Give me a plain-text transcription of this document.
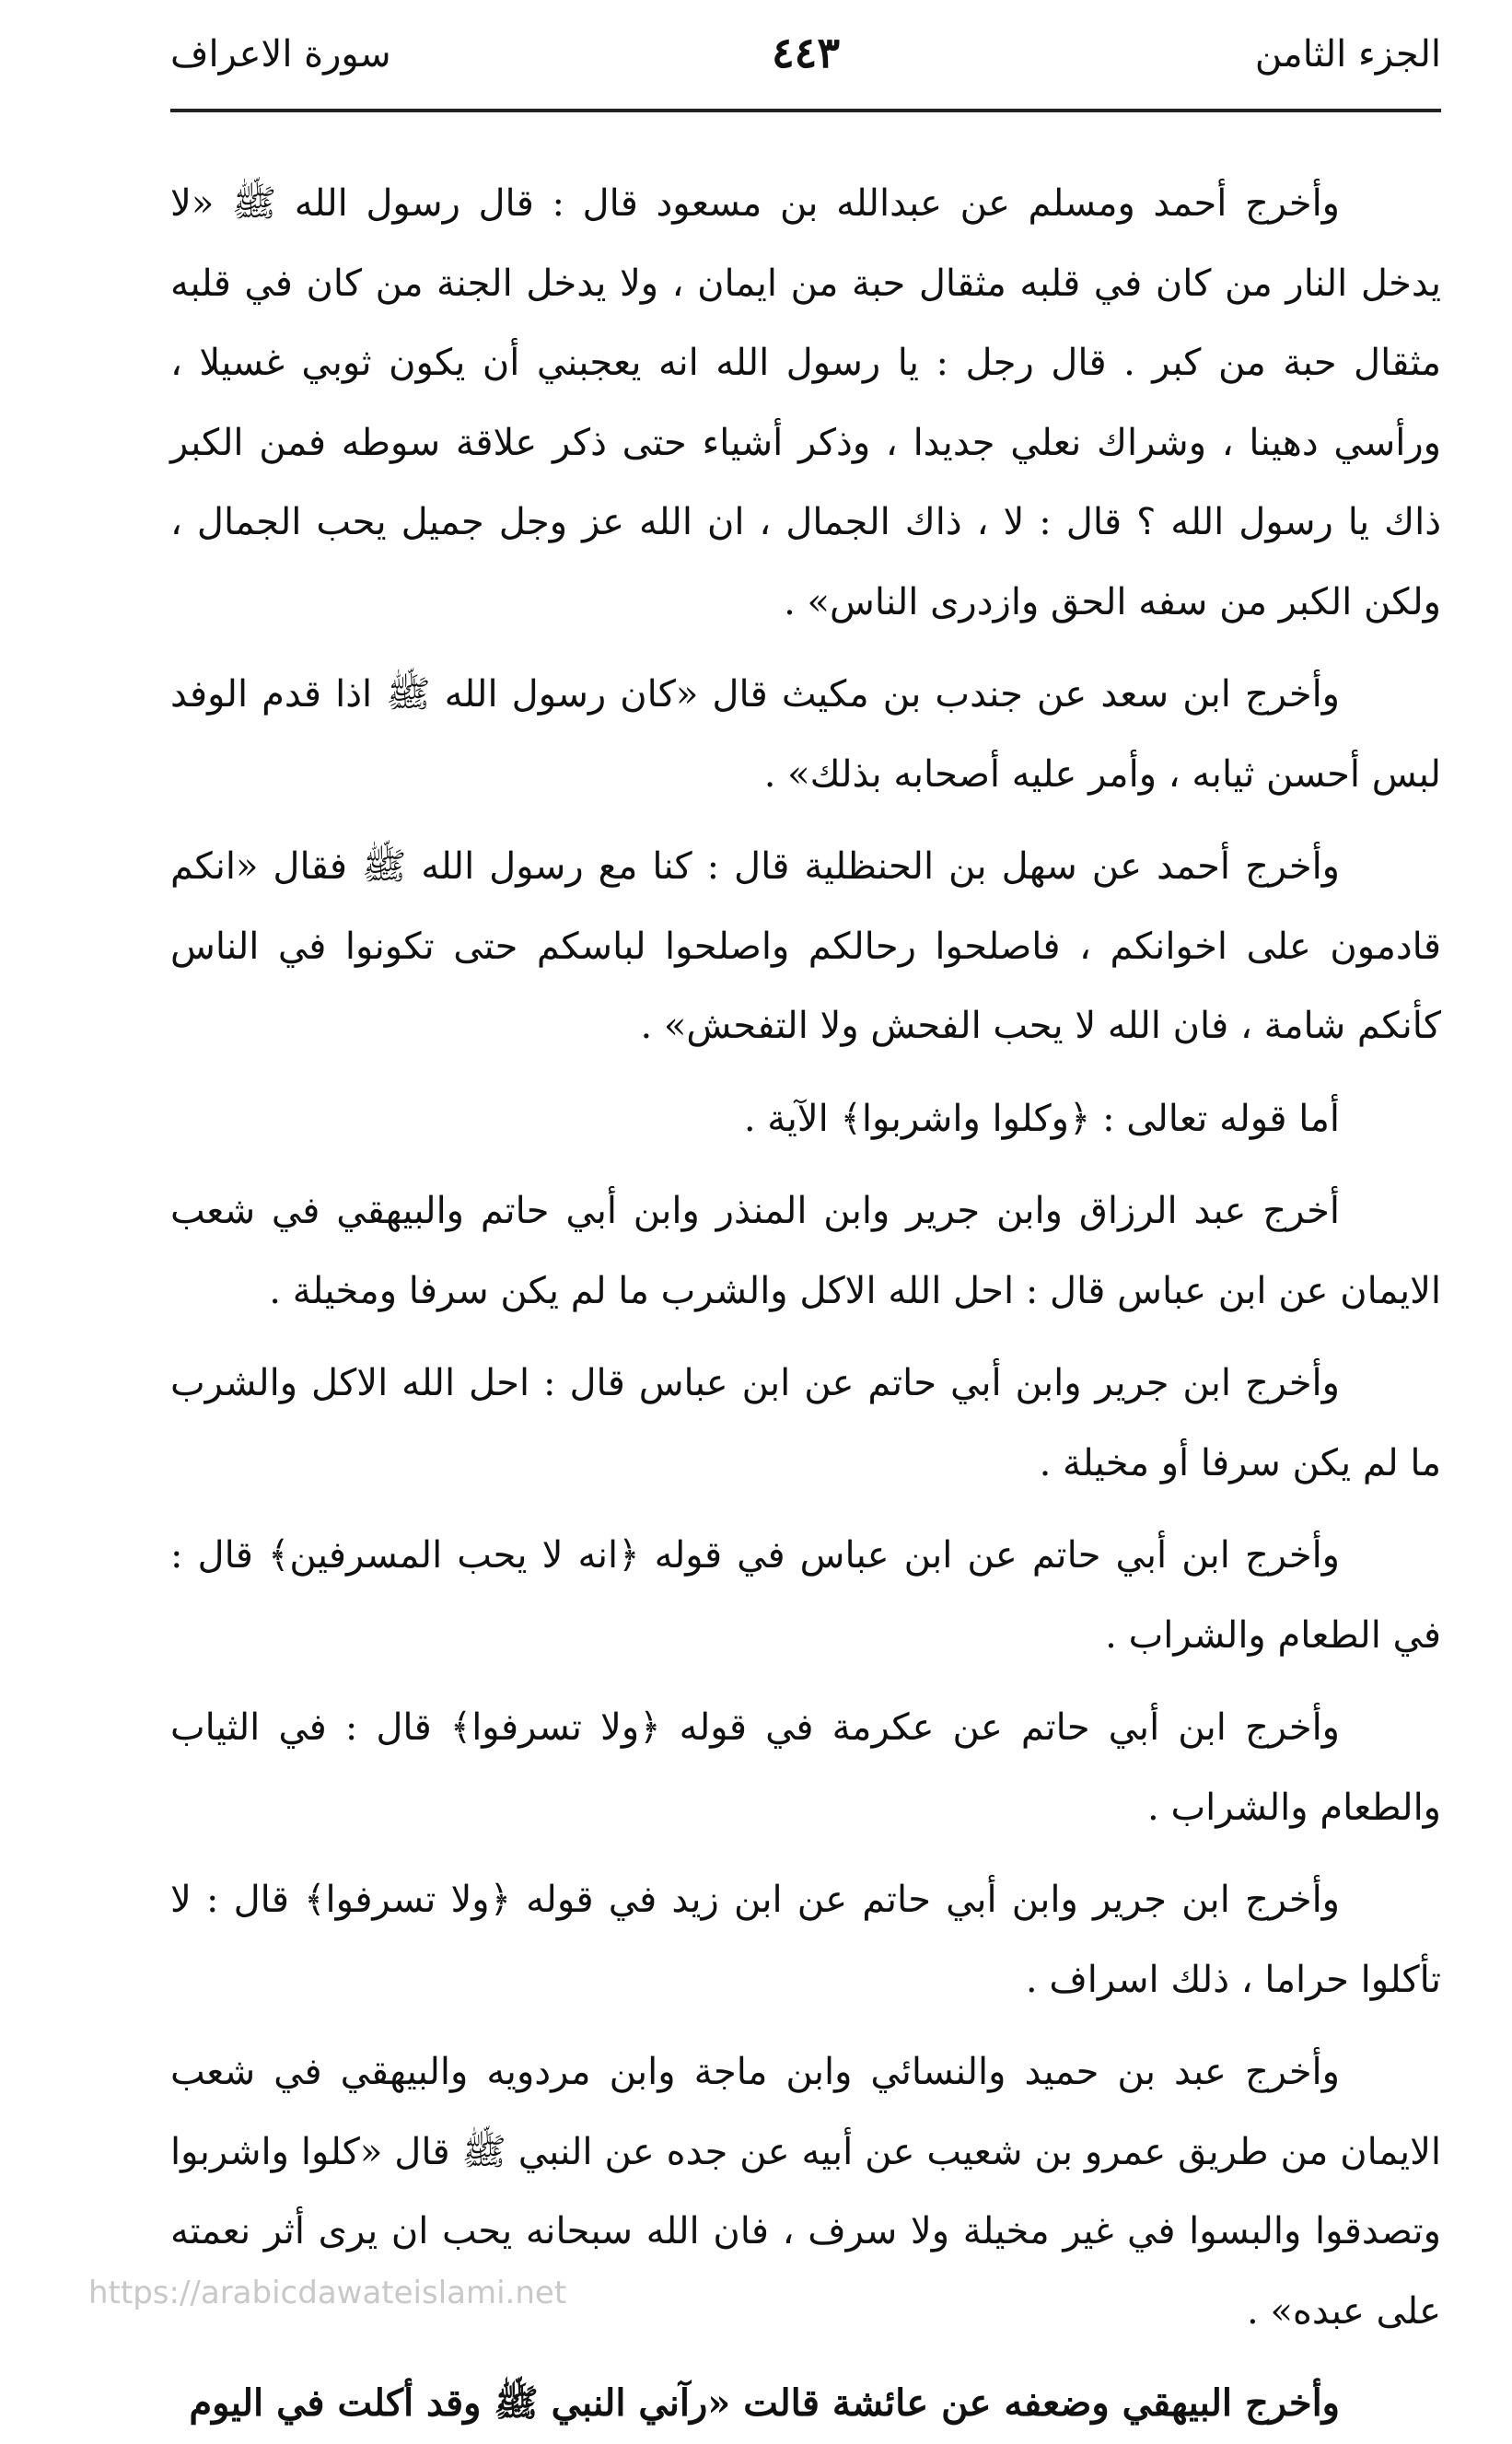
الجزء الثامن
٤٤٣
سورة الاعراف

وأخرج أحمد ومسلم عن عبدالله بن مسعود قال : قال رسول الله ﷺ «لا يدخل النار من كان في قلبه مثقال حبة من ايمان ، ولا يدخل الجنة من كان في قلبه مثقال حبة من كبر . قال رجل : يا رسول الله انه يعجبني أن يكون ثوبي غسيلا ، ورأسي دهينا ، وشراك نعلي جديدا ، وذكر أشياء حتى ذكر علاقة سوطه فمن الكبر ذاك يا رسول الله ؟ قال : لا ، ذاك الجمال ، ان الله عز وجل جميل يحب الجمال ، ولكن الكبر من سفه الحق وازدرى الناس» .

وأخرج ابن سعد عن جندب بن مكيث قال «كان رسول الله ﷺ اذا قدم الوفد لبس أحسن ثيابه ، وأمر عليه أصحابه بذلك» .

وأخرج أحمد عن سهل بن الحنظلية قال : كنا مع رسول الله ﷺ فقال «انكم قادمون على اخوانكم ، فاصلحوا رحالكم واصلحوا لباسكم حتى تكونوا في الناس كأنكم شامة ، فان الله لا يحب الفحش ولا التفحش» .

أما قوله تعالى : ﴿وكلوا واشربوا﴾ الآية .

أخرج عبد الرزاق وابن جرير وابن المنذر وابن أبي حاتم والبيهقي في شعب الايمان عن ابن عباس قال : احل الله الاكل والشرب ما لم يكن سرفا ومخيلة .

وأخرج ابن جرير وابن أبي حاتم عن ابن عباس قال : احل الله الاكل والشرب ما لم يكن سرفا أو مخيلة .

وأخرج ابن أبي حاتم عن ابن عباس في قوله ﴿انه لا يحب المسرفين﴾ قال : في الطعام والشراب .

وأخرج ابن أبي حاتم عن عكرمة في قوله ﴿ولا تسرفوا﴾ قال : في الثياب والطعام والشراب .

وأخرج ابن جرير وابن أبي حاتم عن ابن زيد في قوله ﴿ولا تسرفوا﴾ قال : لا تأكلوا حراما ، ذلك اسراف .

وأخرج عبد بن حميد والنسائي وابن ماجة وابن مردويه والبيهقي في شعب الايمان من طريق عمرو بن شعيب عن أبيه عن جده عن النبي ﷺ قال «كلوا واشربوا وتصدقوا والبسوا في غير مخيلة ولا سرف ، فان الله سبحانه يحب ان يرى أثر نعمته على عبده» .

وأخرج البيهقي وضعفه عن عائشة قالت «رآني النبي ﷺ وقد أكلت في اليوم

https://arabicdawateislami.net
